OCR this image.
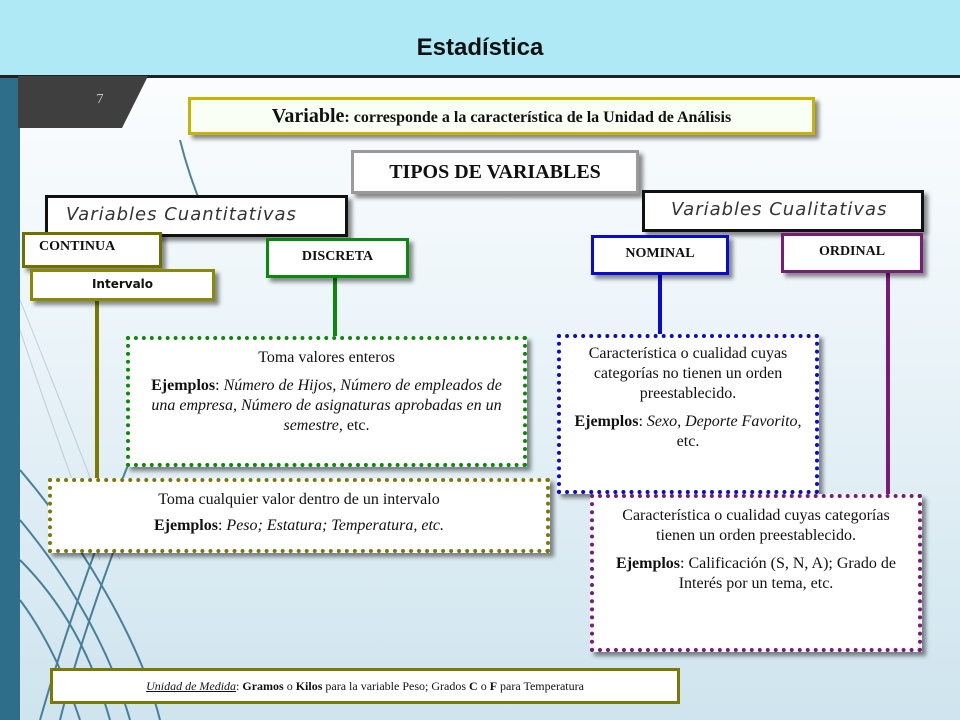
Estadística
7
Variable: corresponde a la característica de la Unidad de Análisis
TIPOS DE VARIABLES
Variables Cuantitativas	Variables Cualitativas
CONTINUA
Intervalo
DISCRETA	NOMINAL	ORDINAL

Toma valores enteros

Ejemplos: Número de Hijos, Número de empleados de una empresa, Número de asignaturas aprobadas en un semestre, etc.

Toma cualquier valor dentro de un intervalo

Ejemplos: Peso; Estatura; Temperatura, etc.

Característica o cualidad cuyas categorías no tienen un orden preestablecido.

Ejemplos: Sexo, Deporte Favorito, etc.

Característica o cualidad cuyas categorías tienen un orden preestablecido.

Ejemplos: Calificación (S, N, A); Grado de Interés por un tema, etc.

Unidad de Medida: Gramos o Kilos para la variable Peso; Grados C o F para Temperatura
